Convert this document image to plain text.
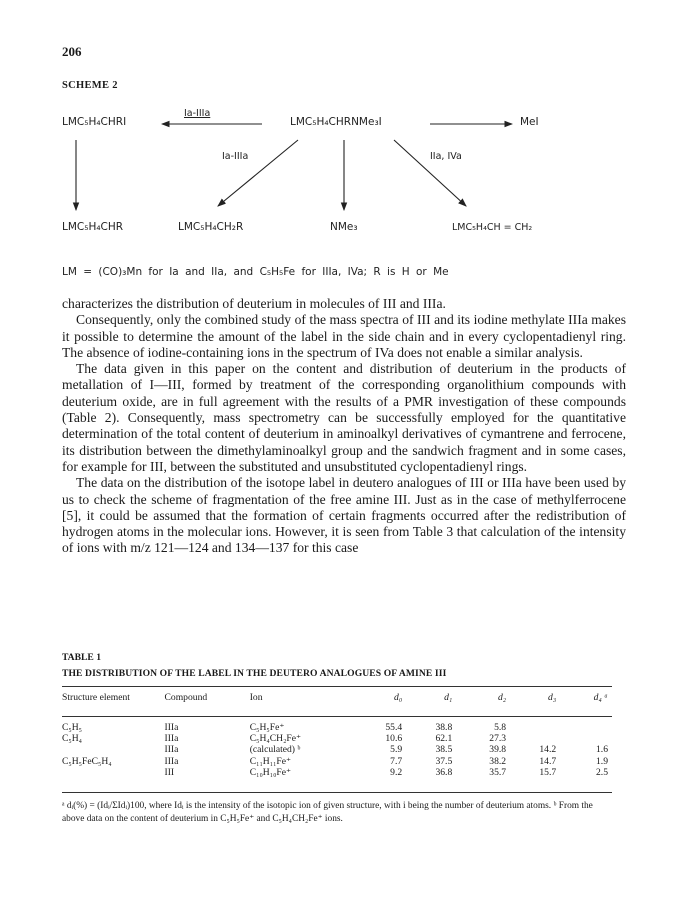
206
SCHEME 2
LMC₅H₄CHRI	LMC₅H₄CHRNMe₃I	MeI
Ia-IIIa
Ia-IIIa	IIa, IVa
LMC₅H₄CHR	LMC₅H₄CH₂R	NMe₃	LMC₅H₄CH = CH₂
LM = (CO)₃Mn for Ia and IIa, and C₅H₅Fe for IIIa, IVa; R is H or Me

characterizes the distribution of deuterium in molecules of III and IIIa.

Consequently, only the combined study of the mass spectra of III and its iodine methylate IIIa makes it possible to determine the amount of the label in the side chain and in every cyclopentadienyl ring. The absence of iodine-containing ions in the spectrum of IVa does not enable a similar analysis.

The data given in this paper on the content and distribution of deuterium in the products of metallation of I—III, formed by treatment of the corresponding organolithium compounds with deuterium oxide, are in full agreement with the results of a PMR investigation of these compounds (Table 2). Consequently, mass spectrometry can be successfully employed for the quantitative determination of the total content of deuterium in aminoalkyl derivatives of cymantrene and ferrocene, its distribution between the dimethylaminoalkyl group and the sandwich fragment and in some cases, for example for III, between the substituted and unsubstituted cyclopentadienyl rings.

The data on the distribution of the isotope label in deutero analogues of III or IIIa have been used by us to check the scheme of fragmentation of the free amine III. Just as in the case of methylferrocene [5], it could be assumed that the formation of certain fragments occurred after the redistribution of hydrogen atoms in the molecular ions. However, it is seen from Table 3 that calculation of the intensity of ions with m/z 121—124 and 134—137 for this case

TABLE 1
THE DISTRIBUTION OF THE LABEL IN THE DEUTERO ANALOGUES OF AMINE III
Structure element	Compound	Ion	d₀	d₁	d₂	d₃	d₄ ᵃ

C₅H₅	IIIa	C₅H₅Fe⁺	55.4	38.8	5.8		
C₅H₄	IIIa	C₅H₄CH₂Fe⁺	10.6	62.1	27.3		
	IIIa	(calculated) ᵇ	5.9	38.5	39.8	14.2	1.6
C₅H₅FeC₅H₄	IIIa	C₁₁H₁₁Fe⁺	7.7	37.5	38.2	14.7	1.9
	III	C₁₀H₁₀Fe⁺	9.2	36.8	35.7	15.7	2.5
ᵃ dᵢ(%) = (Idᵢ/ΣIdᵢ)100, where Idᵢ is the intensity of the isotopic ion of given structure, with i being the number of deuterium atoms. ᵇ From the above data on the content of deuterium in C₅H₅Fe⁺ and C₅H₄CH₂Fe⁺ ions.
